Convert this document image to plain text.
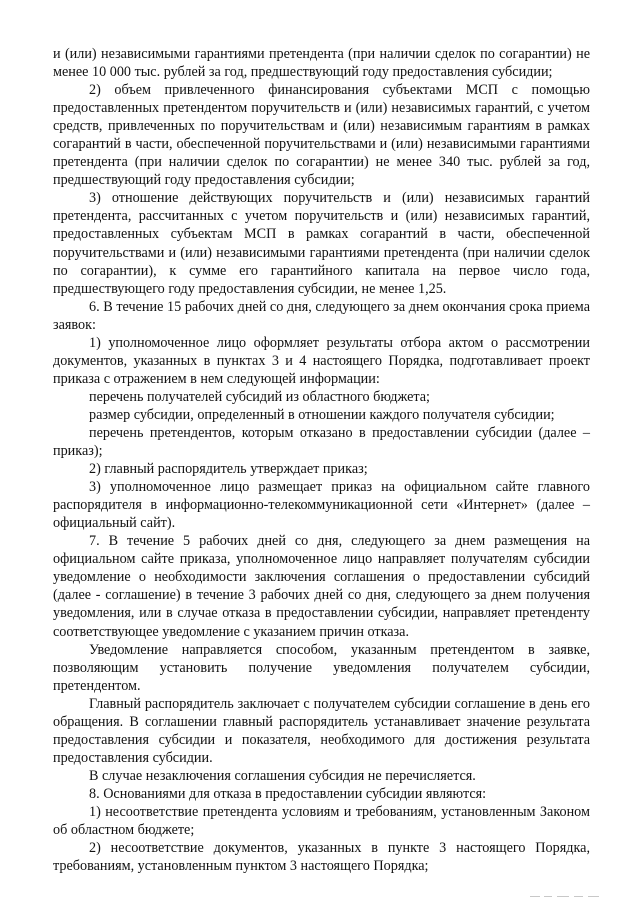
и (или) независимыми гарантиями претендента (при наличии сделок по согарантии) не менее 10 000 тыс. рублей за год, предшествующий году предоставления субсидии;

2) объем привлеченного финансирования субъектами МСП с помощью предоставленных претендентом поручительств и (или) независимых гарантий, с учетом средств, привлеченных по поручительствам и (или) независимым гарантиям в рамках согарантий в части, обеспеченной поручительствами и (или) независимыми гарантиями претендента (при наличии сделок по согарантии) не менее 340 тыс. рублей за год, предшествующий году предоставления субсидии;

3) отношение действующих поручительств и (или) независимых гарантий претендента, рассчитанных с учетом поручительств и (или) независимых гарантий, предоставленных субъектам МСП в рамках согарантий в части, обеспеченной поручительствами и (или) независимыми гарантиями претендента (при наличии сделок по согарантии), к сумме его гарантийного капитала на первое число года, предшествующего году предоставления субсидии, не менее 1,25.

6. В течение 15 рабочих дней со дня, следующего за днем окончания срока приема заявок:

1) уполномоченное лицо оформляет результаты отбора актом о рассмотрении документов, указанных в пунктах 3 и 4 настоящего Порядка, подготавливает проект приказа с отражением в нем следующей информации:

перечень получателей субсидий из областного бюджета;

размер субсидии, определенный в отношении каждого получателя субсидии;

перечень претендентов, которым отказано в предоставлении субсидии (далее – приказ);

2) главный распорядитель утверждает приказ;

3) уполномоченное лицо размещает приказ на официальном сайте главного распорядителя в информационно-телекоммуникационной сети «Интернет» (далее – официальный сайт).

7. В течение 5 рабочих дней со дня, следующего за днем размещения на официальном сайте приказа, уполномоченное лицо направляет получателям субсидии уведомление о необходимости заключения соглашения о предоставлении субсидий (далее - соглашение) в течение 3 рабочих дней со дня, следующего за днем получения уведомления, или в случае отказа в предоставлении субсидии, направляет претенденту соответствующее уведомление с указанием причин отказа.

Уведомление направляется способом, указанным претендентом в заявке, позволяющим установить получение уведомления получателем субсидии, претендентом.

Главный распорядитель заключает с получателем субсидии соглашение в день его обращения. В соглашении главный распорядитель устанавливает значение результата предоставления субсидии и показателя, необходимого для достижения результата предоставления субсидии.

В случае незаключения соглашения субсидия не перечисляется.

8. Основаниями для отказа в предоставлении субсидии являются:

1) несоответствие претендента условиям и требованиям, установленным Законом об областном бюджете;

2) несоответствие документов, указанных в пункте 3 настоящего Порядка, требованиям, установленным пунктом 3 настоящего Порядка;
